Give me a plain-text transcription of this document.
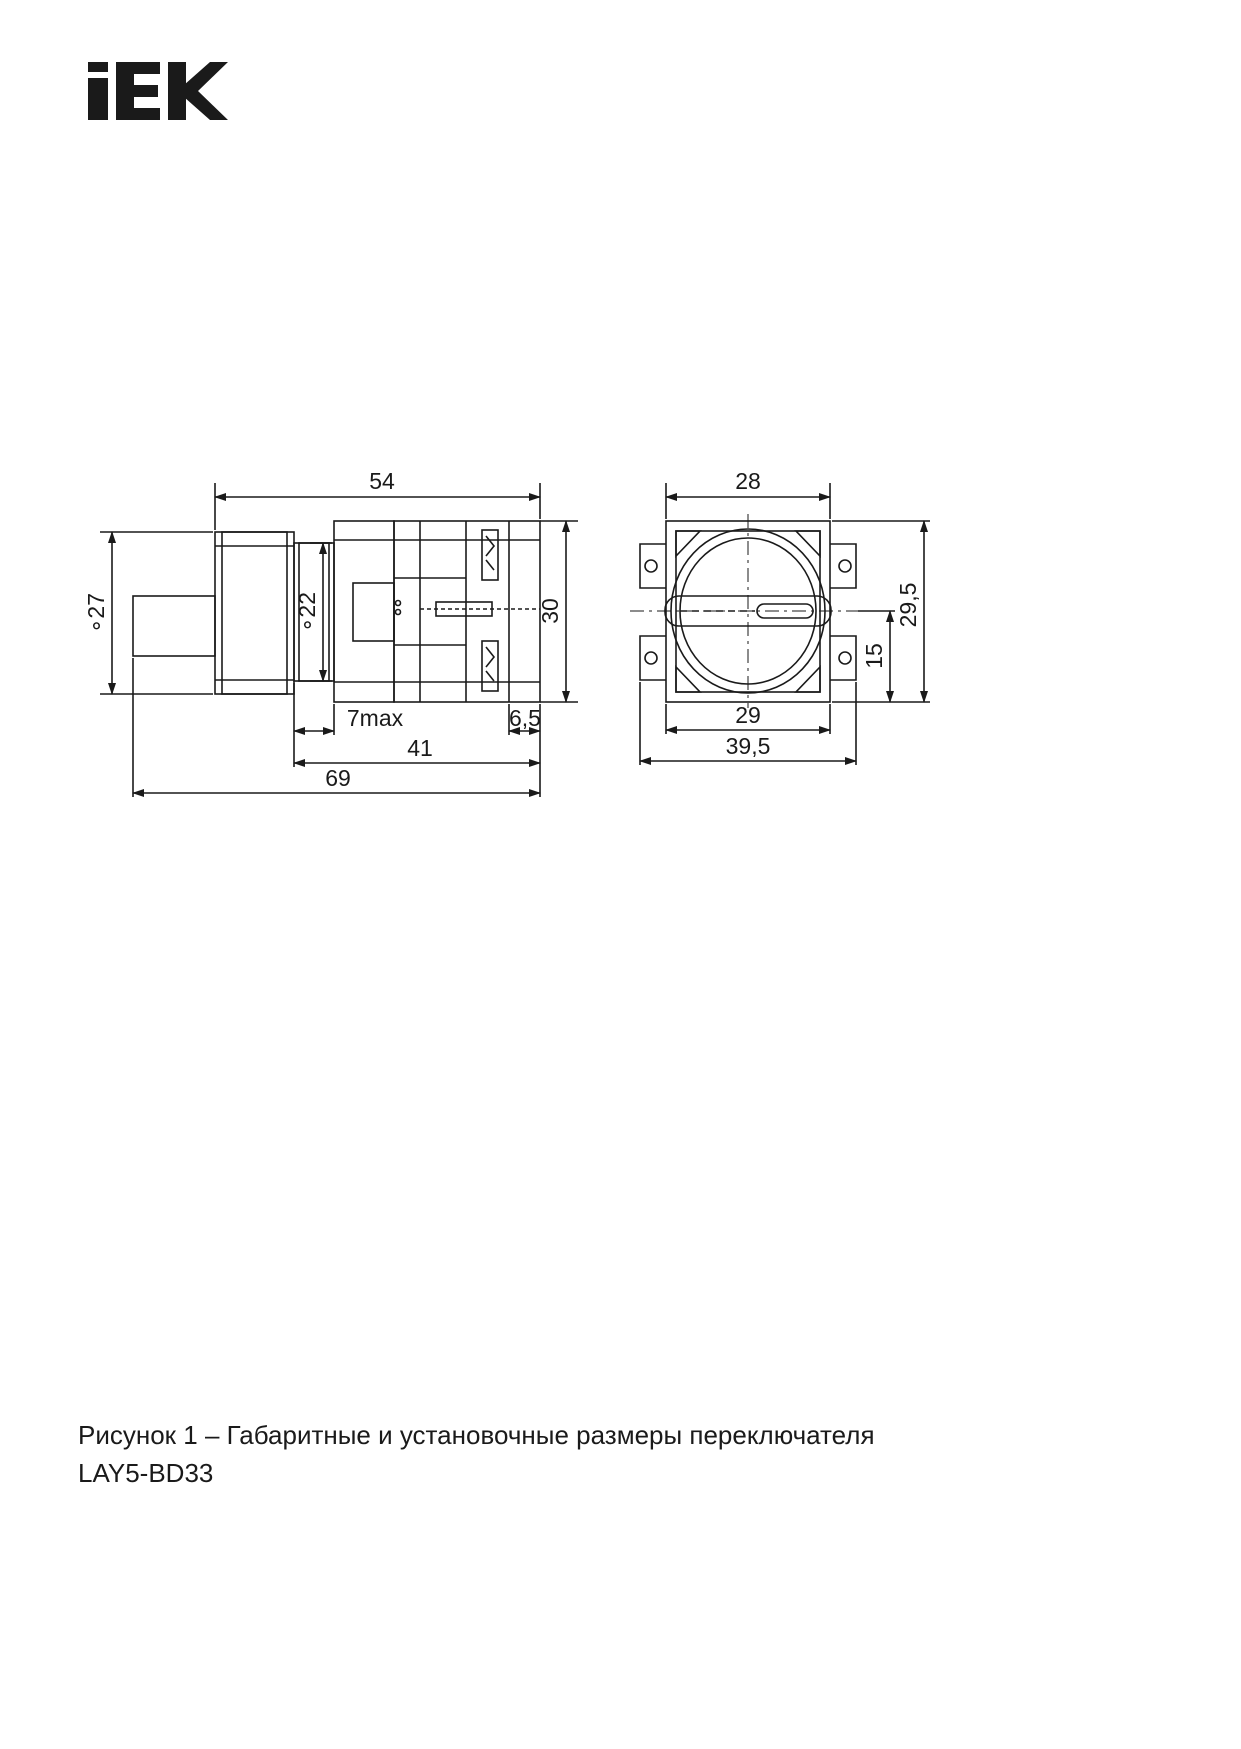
54
∘27	∘22	30
7max	6,5
41
69
28
29
39,5
29,5
15
Рисунок 1 – Габаритные и установочные размеры переключателя
LAY5-BD33
